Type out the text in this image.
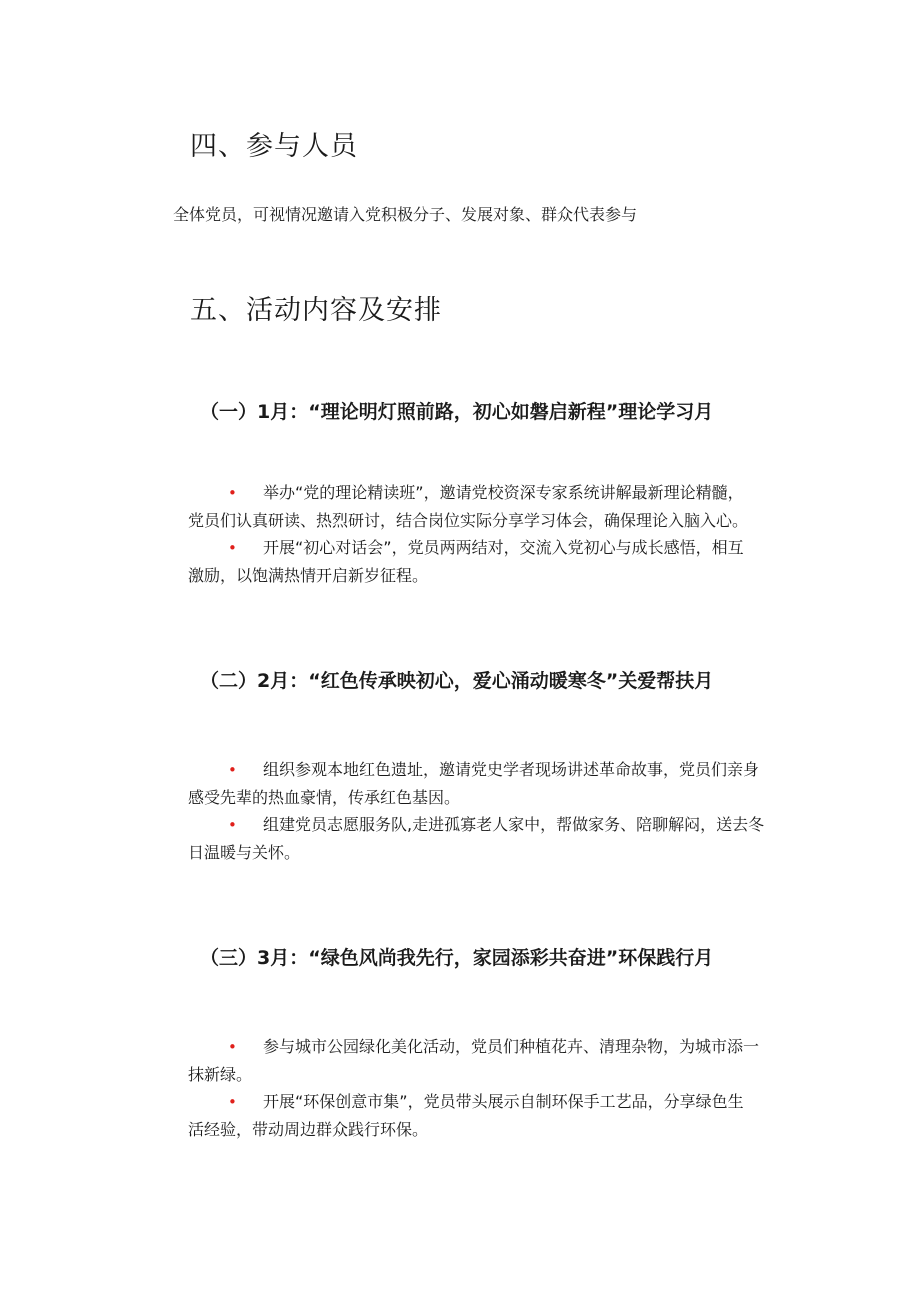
四、参与人员

全体党员，可视情况邀请入党积极分子、发展对象、群众代表参与

五、活动内容及安排
（一）1月：“理论明灯照前路，初心如磐启新程”理论学习月
•	举办“党的理论精读班”，邀请党校资深专家系统讲解最新理论精髓，
党员们认真研读、热烈研讨，结合岗位实际分享学习体会，确保理论入脑入心。
•	开展“初心对话会”，党员两两结对，交流入党初心与成长感悟，相互
激励，以饱满热情开启新岁征程。
（二）2月：“红色传承映初心，爱心涌动暖寒冬”关爱帮扶月
•	组织参观本地红色遗址，邀请党史学者现场讲述革命故事，党员们亲身
感受先辈的热血豪情，传承红色基因。
•	组建党员志愿服务队,走进孤寡老人家中，帮做家务、陪聊解闷，送去冬
日温暖与关怀。
（三）3月：“绿色风尚我先行，家园添彩共奋进”环保践行月
•	参与城市公园绿化美化活动，党员们种植花卉、清理杂物，为城市添一
抹新绿。
•	开展“环保创意市集”，党员带头展示自制环保手工艺品，分享绿色生
活经验，带动周边群众践行环保。
